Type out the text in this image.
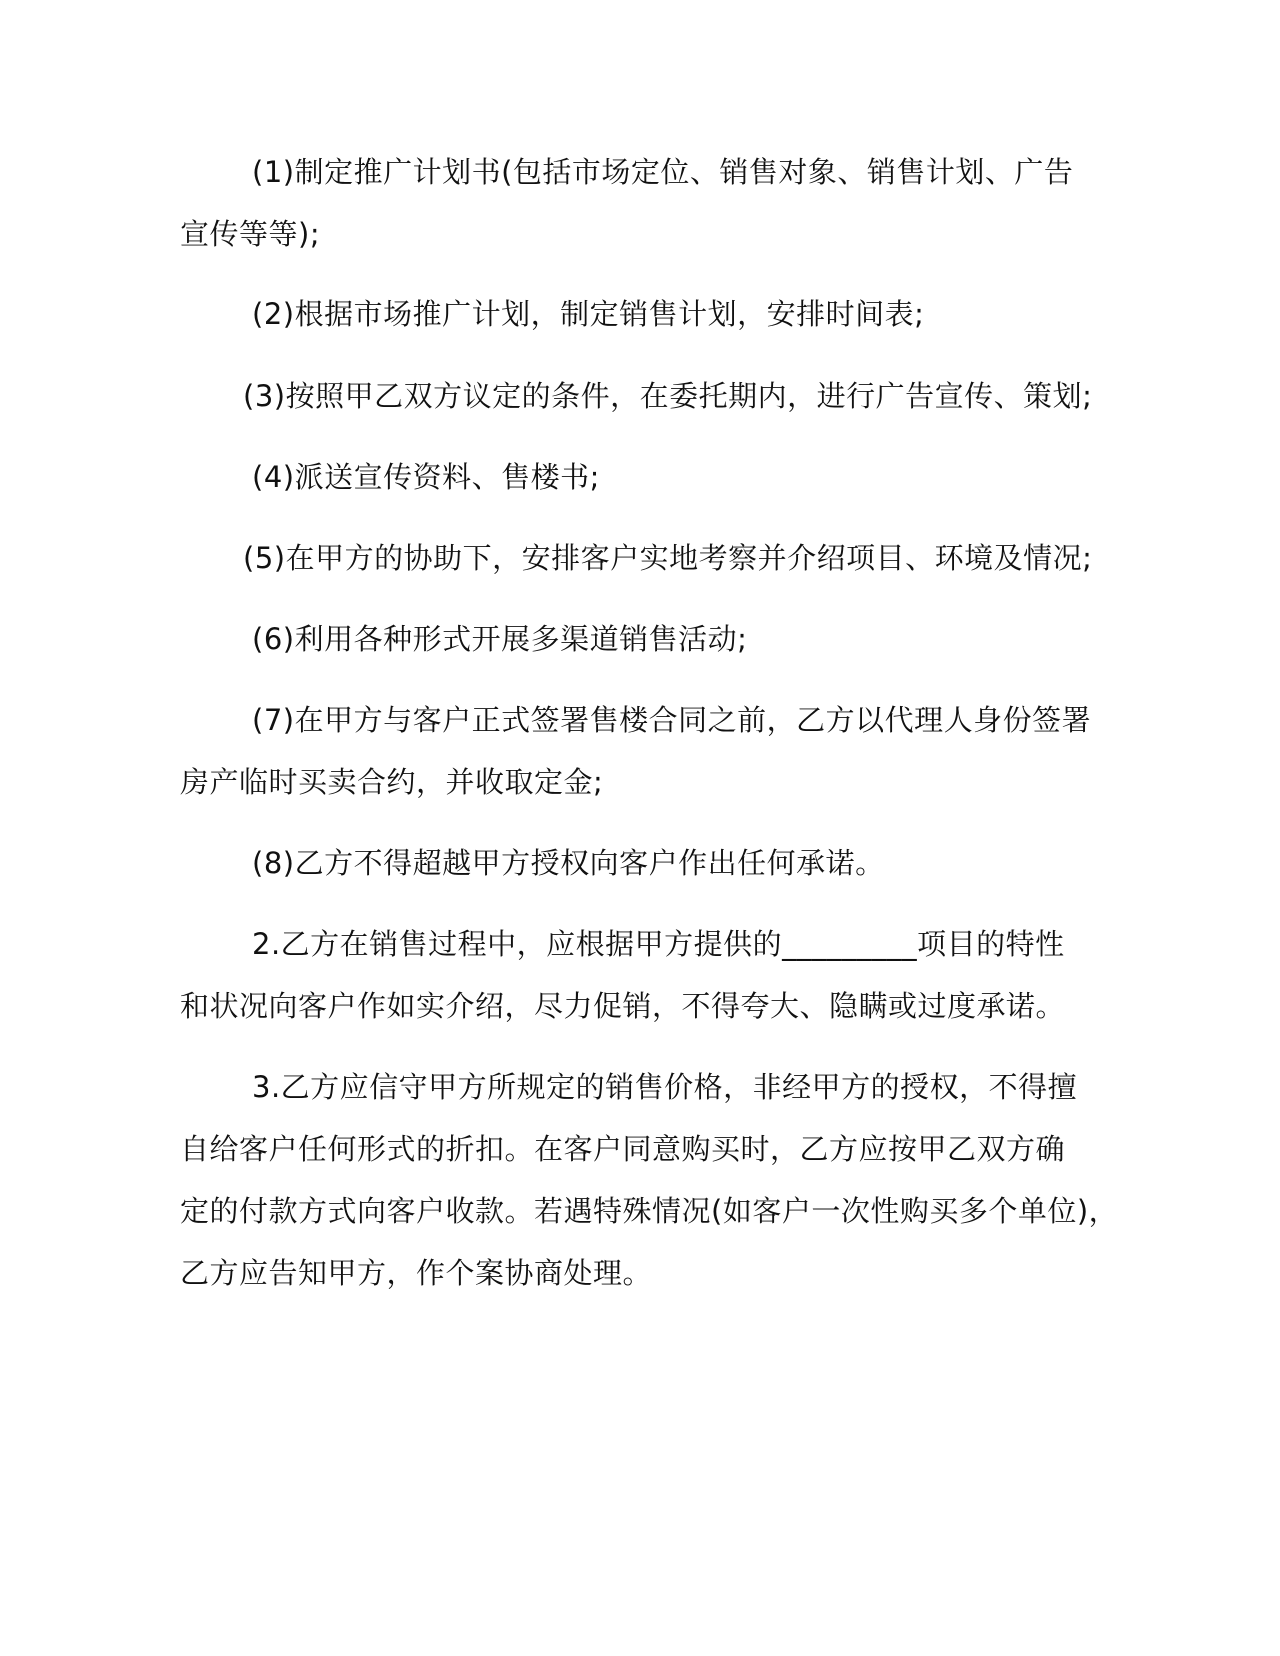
(1)制定推广计划书(包括市场定位、销售对象、销售计划、广告
宣传等等);
(2)根据市场推广计划，制定销售计划，安排时间表;
(3)按照甲乙双方议定的条件，在委托期内，进行广告宣传、策划;
(4)派送宣传资料、售楼书;
(5)在甲方的协助下，安排客户实地考察并介绍项目、环境及情况;
(6)利用各种形式开展多渠道销售活动;
(7)在甲方与客户正式签署售楼合同之前，乙方以代理人身份签署
房产临时买卖合约，并收取定金;
(8)乙方不得超越甲方授权向客户作出任何承诺。
2.乙方在销售过程中，应根据甲方提供的_________项目的特性
和状况向客户作如实介绍，尽力促销，不得夸大、隐瞒或过度承诺。
3.乙方应信守甲方所规定的销售价格，非经甲方的授权，不得擅
自给客户任何形式的折扣。在客户同意购买时，乙方应按甲乙双方确
定的付款方式向客户收款。若遇特殊情况(如客户一次性购买多个单位)，
乙方应告知甲方，作个案协商处理。
